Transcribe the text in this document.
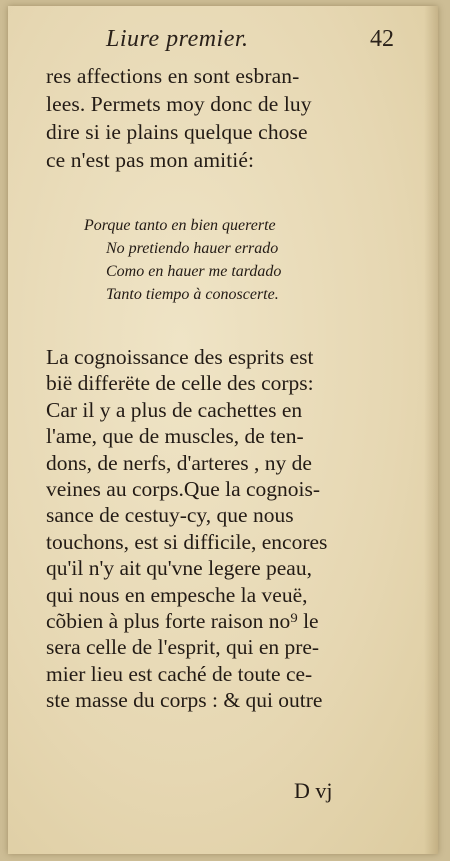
Liure premier.	42
res affections en sont esbran-
lees. Permets moy donc de luy
dire si ie plains quelque chose
ce n'est pas mon amitié:
Porque tanto en bien quererte
No pretiendo hauer errado
Como en hauer me tardado
Tanto tiempo à conoscerte.
La cognoissance des esprits est
bië differëte de celle des corps:
Car il y a plus de cachettes en
l'ame, que de muscles, de ten-
dons, de nerfs, d'arteres , ny de
veines au corps.Que la cognois-
sance de cestuy-cy, que nous
touchons, est si difficile, encores
qu'il n'y ait qu'vne legere peau,
qui nous en empesche la veuë,
cõbien à plus forte raison no⁹ le
sera celle de l'esprit, qui en pre-
mier lieu est caché de toute ce-
ste masse du corps : & qui outre
D vj
